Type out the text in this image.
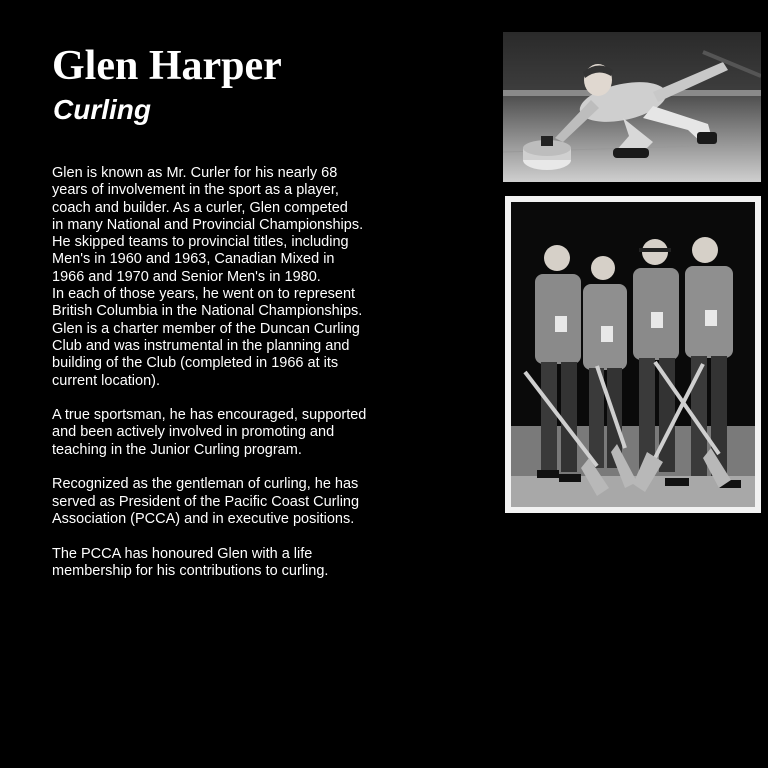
Glen Harper
Curling

Glen is known as Mr. Curler for his nearly 68
years of involvement in the sport as a player,
coach and builder. As a curler, Glen competed
in many National and Provincial Championships.
He skipped teams to provincial titles, including
Men's in 1960 and 1963, Canadian Mixed in
1966 and 1970 and Senior Men's in 1980.
In each of those years, he went on to represent
British Columbia in the National Championships.
Glen is a charter member of the Duncan Curling
Club and was instrumental in the planning and
building of the Club (completed in 1966 at its
current location).

A true sportsman, he has encouraged, supported
and been actively involved in promoting and
teaching in the Junior Curling program.

Recognized as the gentleman of curling, he has
served as President of the Pacific Coast Curling
Association (PCCA) and in executive positions.

The PCCA has honoured Glen with a life
membership for his contributions to curling.
